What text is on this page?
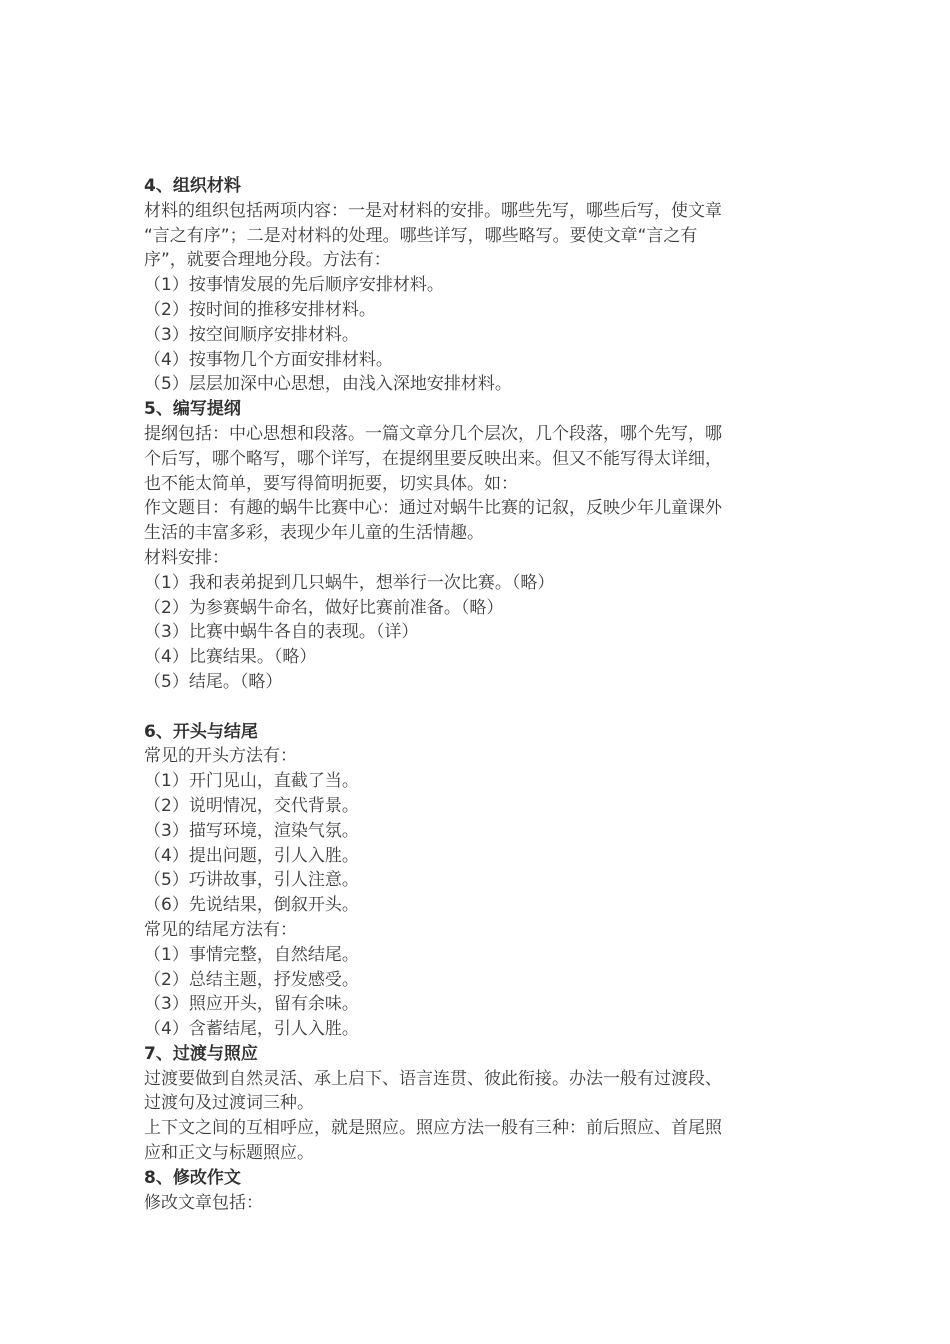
4、组织材料
材料的组织包括两项内容：一是对材料的安排。哪些先写，哪些后写，使文章
“言之有序”；二是对材料的处理。哪些详写，哪些略写。要使文章“言之有
序”，就要合理地分段。方法有：
（1）按事情发展的先后顺序安排材料。
（2）按时间的推移安排材料。
（3）按空间顺序安排材料。
（4）按事物几个方面安排材料。
（5）层层加深中心思想，由浅入深地安排材料。
5、编写提纲
提纲包括：中心思想和段落。一篇文章分几个层次，几个段落，哪个先写，哪
个后写，哪个略写，哪个详写，在提纲里要反映出来。但又不能写得太详细，
也不能太简单，要写得简明扼要，切实具体。如：
作文题目：有趣的蜗牛比赛中心：通过对蜗牛比赛的记叙，反映少年儿童课外
生活的丰富多彩，表现少年儿童的生活情趣。
材料安排：
（1）我和表弟捉到几只蜗牛，想举行一次比赛。（略）
（2）为参赛蜗牛命名，做好比赛前准备。（略）
（3）比赛中蜗牛各自的表现。（详）
（4）比赛结果。（略）
（5）结尾。（略）
6、开头与结尾
常见的开头方法有：
（1）开门见山，直截了当。
（2）说明情况，交代背景。
（3）描写环境，渲染气氛。
（4）提出问题，引人入胜。
（5）巧讲故事，引人注意。
（6）先说结果，倒叙开头。
常见的结尾方法有：
（1）事情完整，自然结尾。
（2）总结主题，抒发感受。
（3）照应开头，留有余味。
（4）含蓄结尾，引人入胜。
7、过渡与照应
过渡要做到自然灵活、承上启下、语言连贯、彼此衔接。办法一般有过渡段、
过渡句及过渡词三种。
上下文之间的互相呼应，就是照应。照应方法一般有三种：前后照应、首尾照
应和正文与标题照应。
8、修改作文
修改文章包括：
